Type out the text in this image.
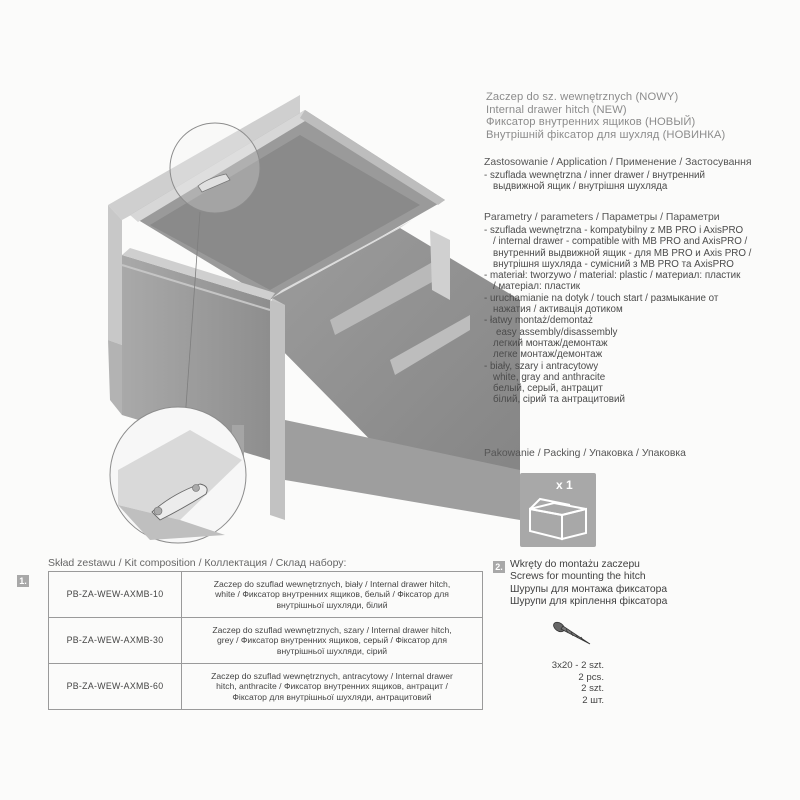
Zaczep do sz. wewnętrznych (NOWY)
Internal drawer hitch (NEW)
Фиксатор внутренних ящиков (НОВЫЙ)
Внутрішній фіксатор для шухляд (НОВИНКА)
Zastosowanie / Application / Применение / Застосування
- szuflada wewnętrzna / inner drawer / внутренний
выдвижной ящик / внутрішня шухляда
Parametry / parameters / Параметры / Параметри
- szuflada wewnętrzna - kompatybilny z MB PRO i AxisPRO
/ internal drawer - compatible with MB PRO and AxisPRO /
внутренний выдвижной ящик - для MB PRO и Axis PRO /
внутрішня шухляда - сумісний з MB PRO та AxisPRO
- materiał: tworzywo / material: plastic / материал: пластик
/ матеріал: пластик
- uruchamianie na dotyk / touch start / размыкание от
нажатия / активація дотиком
- łatwy montaż/demontaż
easy assembly/disassembly
легкий монтаж/демонтаж
легке монтаж/демонтаж
- biały, szary i antracytowy
white, gray and anthracite
белый, серый, антрацит
білий, сірий та антрацитовий
Pakowanie / Packing / Упаковка / Упаковка
x 1
Skład zestawu / Kit composition / Коллектация / Склад набору:
1.
PB-ZA-WEW-AXMB-10	Zaczep do szuflad wewnętrznych, biały / Internal drawer hitch,
white / Фиксатор внутренних ящиков, белый / Фіксатор для
внутрішньої шухляди, білий

PB-ZA-WEW-AXMB-30	Zaczep do szuflad wewnętrznych, szary / Internal drawer hitch,
grey / Фиксатор внутренних ящиков, серый / Фіксатор для
внутрішньої шухляди, сірий

PB-ZA-WEW-AXMB-60	Zaczep do szuflad wewnętrznych, antracytowy / Internal drawer
hitch, anthracite / Фиксатор внутренних ящиков, антрацит /
Фіксатор для внутрішньої шухляди, антрацитовий
2. Wkręty do montażu zaczepu
Screws for mounting the hitch
Шурупы для монтажа фиксатора
Шурупи для кріплення фіксатора
3x20 - 2 szt.
2 pcs.
2 szt.
2 шт.
